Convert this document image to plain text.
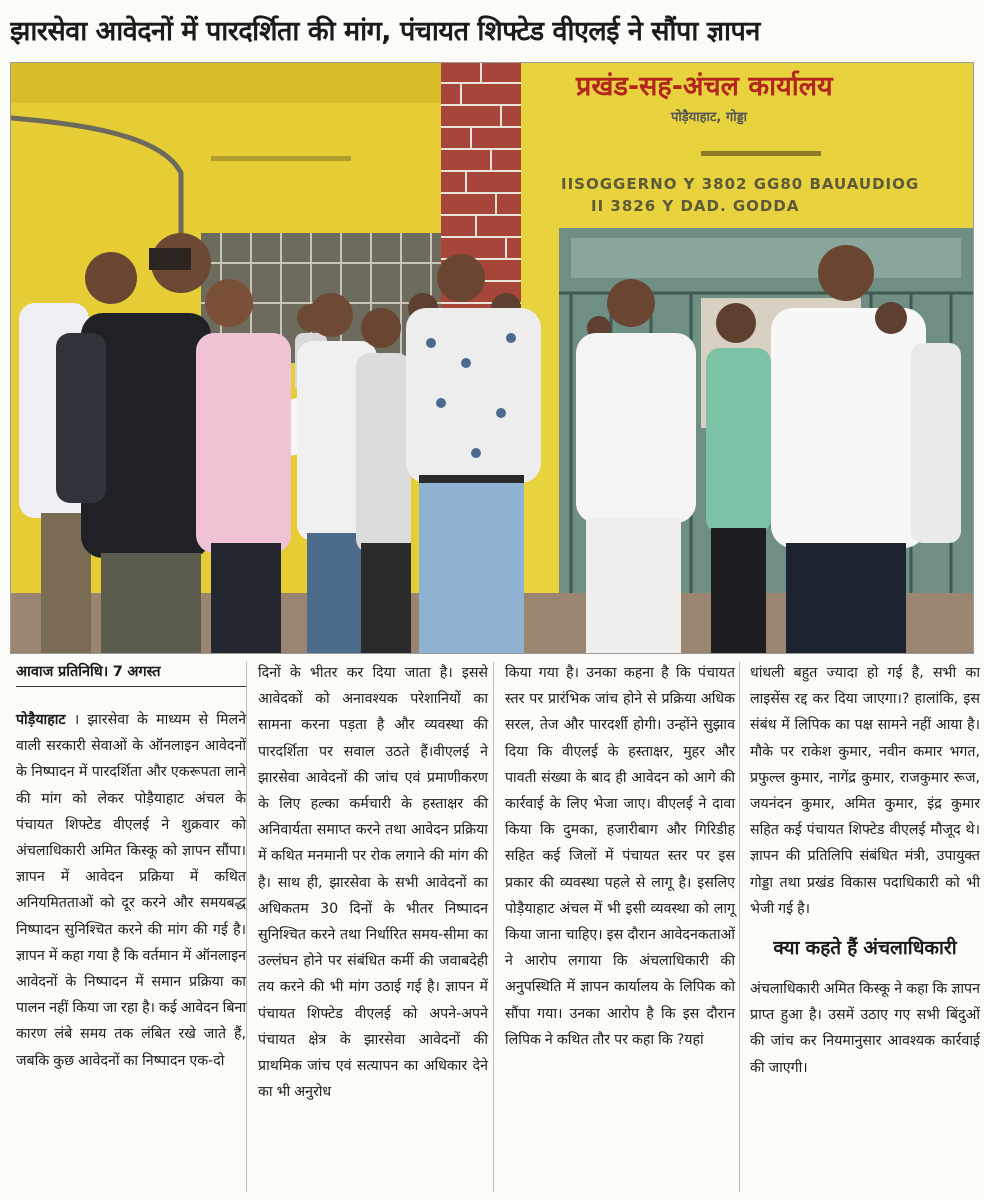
झारसेवा आवेदनों में पारदर्शिता की मांग, पंचायत शिफ्टेड वीएलई ने सौंपा ज्ञापन
प्रखंड-सह-अंचल कार्यालय
पोड़ैयाहाट, गोड्डा
IISOGGERNO Y 3802 GG80 BAUAUDIOG
II 3826 Y DAD. GODDA
आवाज प्रतिनिधि। 7 अगस्त

पोड़ैयाहाट । झारसेवा के माध्यम से मिलने वाली सरकारी सेवाओं के ऑनलाइन आवेदनों के निष्पादन में पारदर्शिता और एकरूपता लाने की मांग को लेकर पोड़ैयाहाट अंचल के पंचायत शिफ्टेड वीएलई ने शुक्रवार को अंचलाधिकारी अमित किस्कू को ज्ञापन सौंपा। ज्ञापन में आवेदन प्रक्रिया में कथित अनियमितताओं को दूर करने और समयबद्ध निष्पादन सुनिश्चित करने की मांग की गई है। ज्ञापन में कहा गया है कि वर्तमान में ऑनलाइन आवेदनों के निष्पादन में समान प्रक्रिया का पालन नहीं किया जा रहा है। कई आवेदन बिना कारण लंबे समय तक लंबित रखे जाते हैं, जबकि कुछ आवेदनों का निष्पादन एक-दो

दिनों के भीतर कर दिया जाता है। इससे आवेदकों को अनावश्यक परेशानियों का सामना करना पड़ता है और व्यवस्था की पारदर्शिता पर सवाल उठते हैं।वीएलई ने झारसेवा आवेदनों की जांच एवं प्रमाणीकरण के लिए हल्का कर्मचारी के हस्ताक्षर की अनिवार्यता समाप्त करने तथा आवेदन प्रक्रिया में कथित मनमानी पर रोक लगाने की मांग की है। साथ ही, झारसेवा के सभी आवेदनों का अधिकतम 30 दिनों के भीतर निष्पादन सुनिश्चित करने तथा निर्धारित समय-सीमा का उल्लंघन होने पर संबंधित कर्मी की जवाबदेही तय करने की भी मांग उठाई गई है। ज्ञापन में पंचायत शिफ्टेड वीएलई को अपने-अपने पंचायत क्षेत्र के झारसेवा आवेदनों की प्राथमिक जांच एवं सत्यापन का अधिकार देने का भी अनुरोध

किया गया है। उनका कहना है कि पंचायत स्तर पर प्रारंभिक जांच होने से प्रक्रिया अधिक सरल, तेज और पारदर्शी होगी। उन्होंने सुझाव दिया कि वीएलई के हस्ताक्षर, मुहर और पावती संख्या के बाद ही आवेदन को आगे की कार्रवाई के लिए भेजा जाए। वीएलई ने दावा किया कि दुमका, हजारीबाग और गिरिडीह सहित कई जिलों में पंचायत स्तर पर इस प्रकार की व्यवस्था पहले से लागू है। इसलिए पोड़ैयाहाट अंचल में भी इसी व्यवस्था को लागू किया जाना चाहिए। इस दौरान आवेदनकताओं ने आरोप लगाया कि अंचलाधिकारी की अनुपस्थिति में ज्ञापन कार्यालय के लिपिक को सौंपा गया। उनका आरोप है कि इस दौरान लिपिक ने कथित तौर पर कहा कि ?यहां

धांधली बहुत ज्यादा हो गई है, सभी का लाइसेंस रद्द कर दिया जाएगा।? हालांकि, इस संबंध में लिपिक का पक्ष सामने नहीं आया है। मौके पर राकेश कुमार, नवीन कमार भगत, प्रफुल्ल कुमार, नागेंद्र कुमार, राजकुमार रूज, जयनंदन कुमार, अमित कुमार, इंद्र कुमार सहित कई पंचायत शिफ्टेड वीएलई मौजूद थे। ज्ञापन की प्रतिलिपि संबंधित मंत्री, उपायुक्त गोड्डा तथा प्रखंड विकास पदाधिकारी को भी भेजी गई है।

क्या कहते हैं अंचलाधिकारी

अंचलाधिकारी अमित किस्कू ने कहा कि ज्ञापन प्राप्त हुआ है। उसमें उठाए गए सभी बिंदुओं की जांच कर नियमानुसार आवश्यक कार्रवाई की जाएगी।
